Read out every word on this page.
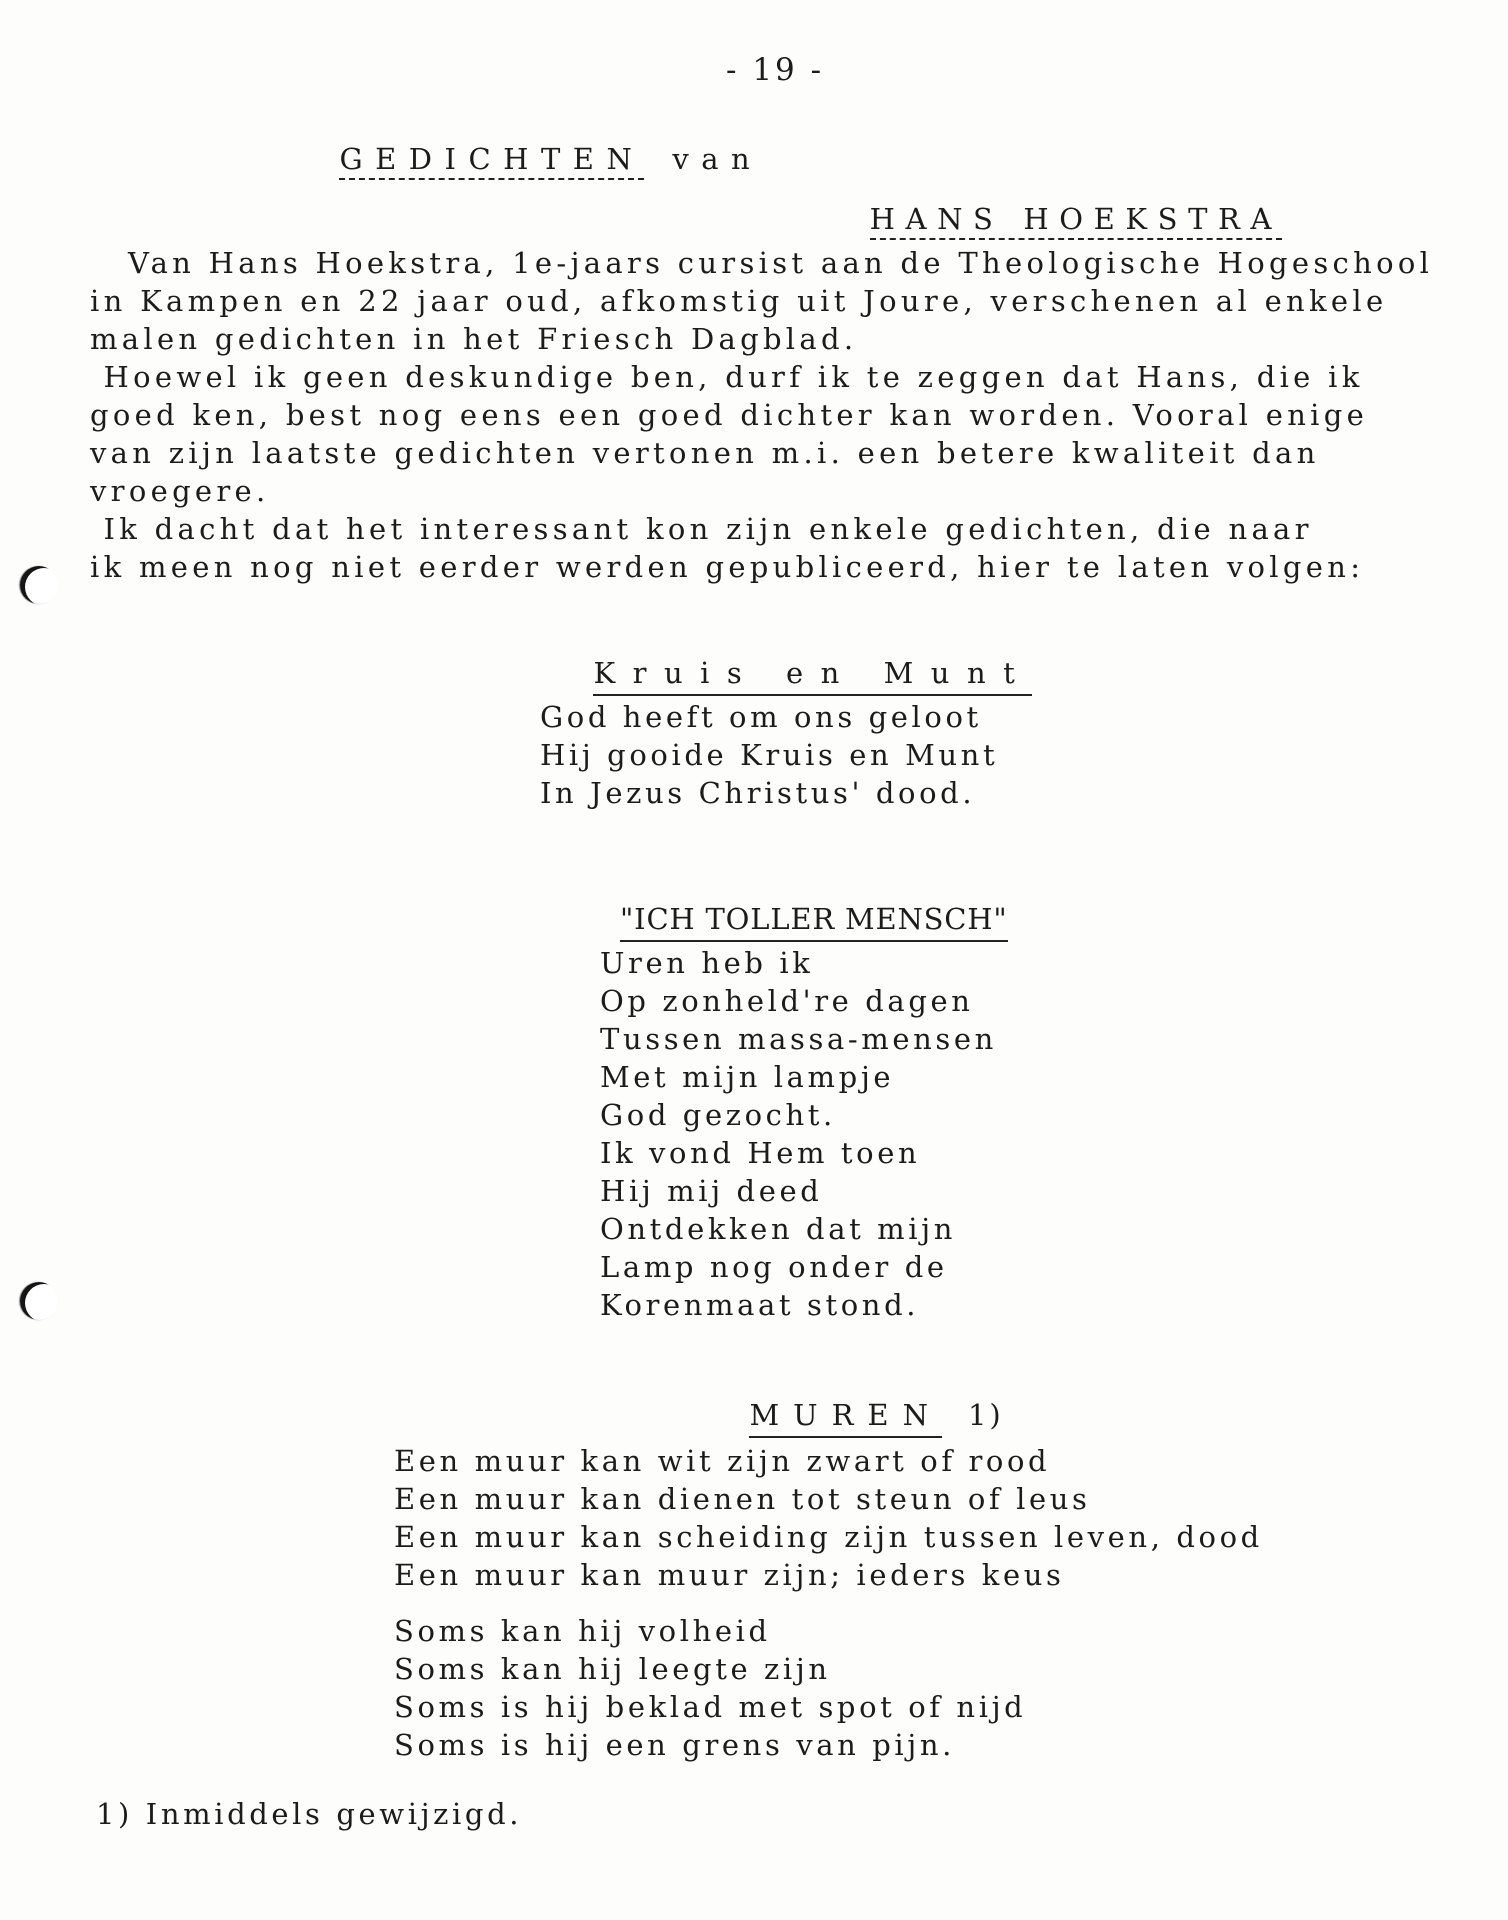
- 19 -

GEDICHTEN van

HANS HOEKSTRA

Van Hans Hoekstra, 1e-jaars cursist aan de Theologische Hogeschool
in Kampen en 22 jaar oud, afkomstig uit Joure, verschenen al enkele
malen gedichten in het Friesch Dagblad.
Hoewel ik geen deskundige ben, durf ik te zeggen dat Hans, die ik
goed ken, best nog eens een goed dichter kan worden. Vooral enige
van zijn laatste gedichten vertonen m.i. een betere kwaliteit dan
vroegere.
Ik dacht dat het interessant kon zijn enkele gedichten, die naar
ik meen nog niet eerder werden gepubliceerd, hier te laten volgen:

Kruis en Munt

God heeft om ons geloot
Hij gooide Kruis en Munt
In Jezus Christus' dood.

"ICH TOLLER MENSCH"

Uren heb ik
Op zonheld're dagen
Tussen massa-mensen
Met mijn lampje
God gezocht.
Ik vond Hem toen
Hij mij deed
Ontdekken dat mijn
Lamp nog onder de
Korenmaat stond.

MUREN 1)

Een muur kan wit zijn zwart of rood
Een muur kan dienen tot steun of leus
Een muur kan scheiding zijn tussen leven, dood
Een muur kan muur zijn; ieders keus
Soms kan hij volheid
Soms kan hij leegte zijn
Soms is hij beklad met spot of nijd
Soms is hij een grens van pijn.
1) Inmiddels gewijzigd.
